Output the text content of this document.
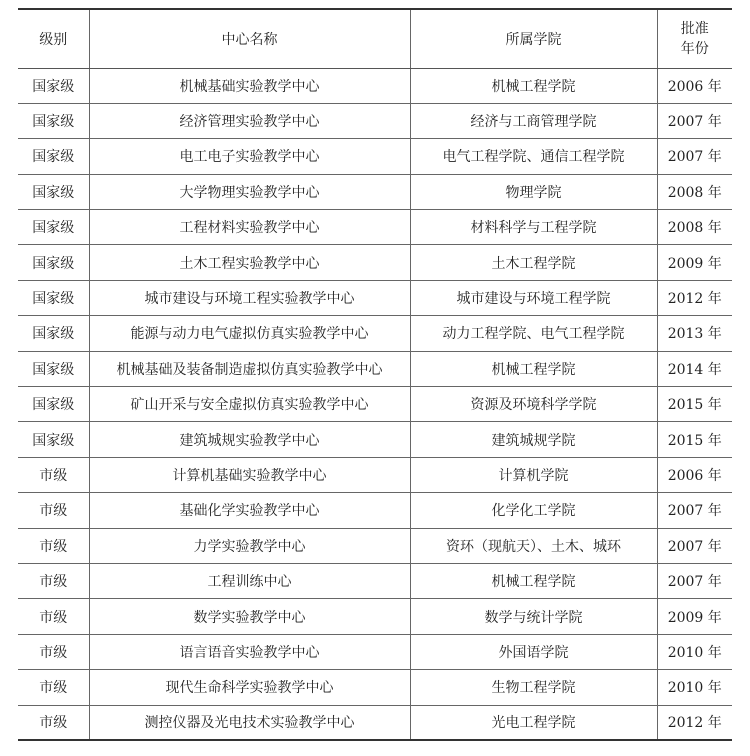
级别	中心名称	所属学院	批准
年份

国家级	机械基础实验教学中心	机械工程学院	2006 年
国家级	经济管理实验教学中心	经济与工商管理学院	2007 年
国家级	电工电子实验教学中心	电气工程学院、通信工程学院	2007 年
国家级	大学物理实验教学中心	物理学院	2008 年
国家级	工程材料实验教学中心	材料科学与工程学院	2008 年
国家级	土木工程实验教学中心	土木工程学院	2009 年
国家级	城市建设与环境工程实验教学中心	城市建设与环境工程学院	2012 年
国家级	能源与动力电气虚拟仿真实验教学中心	动力工程学院、电气工程学院	2013 年
国家级	机械基础及装备制造虚拟仿真实验教学中心	机械工程学院	2014 年
国家级	矿山开采与安全虚拟仿真实验教学中心	资源及环境科学学院	2015 年
国家级	建筑城规实验教学中心	建筑城规学院	2015 年
市级	计算机基础实验教学中心	计算机学院	2006 年
市级	基础化学实验教学中心	化学化工学院	2007 年
市级	力学实验教学中心	资环（现航天）、土木、城环	2007 年
市级	工程训练中心	机械工程学院	2007 年
市级	数学实验教学中心	数学与统计学院	2009 年
市级	语言语音实验教学中心	外国语学院	2010 年
市级	现代生命科学实验教学中心	生物工程学院	2010 年
市级	测控仪器及光电技术实验教学中心	光电工程学院	2012 年
